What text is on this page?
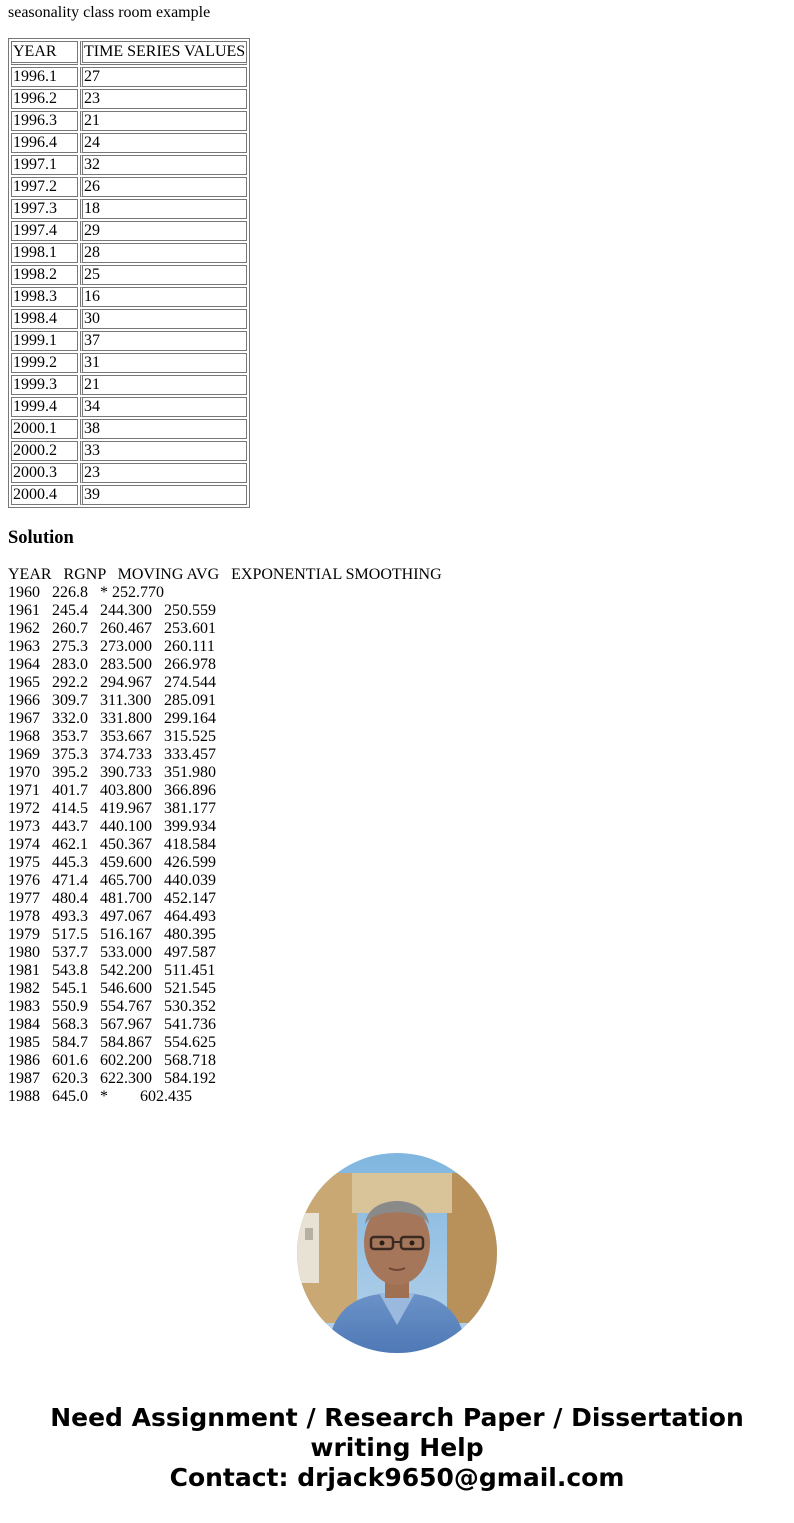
seasonality class room example
YEAR	TIME SERIES VALUES
1996.1	27
1996.2	23
1996.3	21
1996.4	24
1997.1	32
1997.2	26
1997.3	18
1997.4	29
1998.1	28
1998.2	25
1998.3	16
1998.4	30
1999.1	37
1999.2	31
1999.3	21
1999.4	34
2000.1	38
2000.2	33
2000.3	23
2000.4	39
Solution
YEAR   RGNP   MOVING AVG   EXPONENTIAL SMOOTHING
1960 226.8 * 252.770
1961 245.4 244.300 250.559
1962 260.7 260.467 253.601
1963 275.3 273.000 260.111
1964 283.0 283.500 266.978
1965 292.2 294.967 274.544
1966 309.7 311.300 285.091
1967 332.0 331.800 299.164
1968 353.7 353.667 315.525
1969 375.3 374.733 333.457
1970 395.2 390.733 351.980
1971 401.7 403.800 366.896
1972 414.5 419.967 381.177
1973 443.7 440.100 399.934
1974 462.1 450.367 418.584
1975 445.3 459.600 426.599
1976 471.4 465.700 440.039
1977 480.4 481.700 452.147
1978 493.3 497.067 464.493
1979 517.5 516.167 480.395
1980 537.7 533.000 497.587
1981 543.8 542.200 511.451
1982 545.1 546.600 521.545
1983 550.9 554.767 530.352
1984 568.3 567.967 541.736
1985 584.7 584.867 554.625
1986 601.6 602.200 568.718
1987 620.3 622.300 584.192
1988 645.0 * 602.435
Need Assignment / Research Paper / Dissertation
writing Help
Contact: drjack9650@gmail.com
